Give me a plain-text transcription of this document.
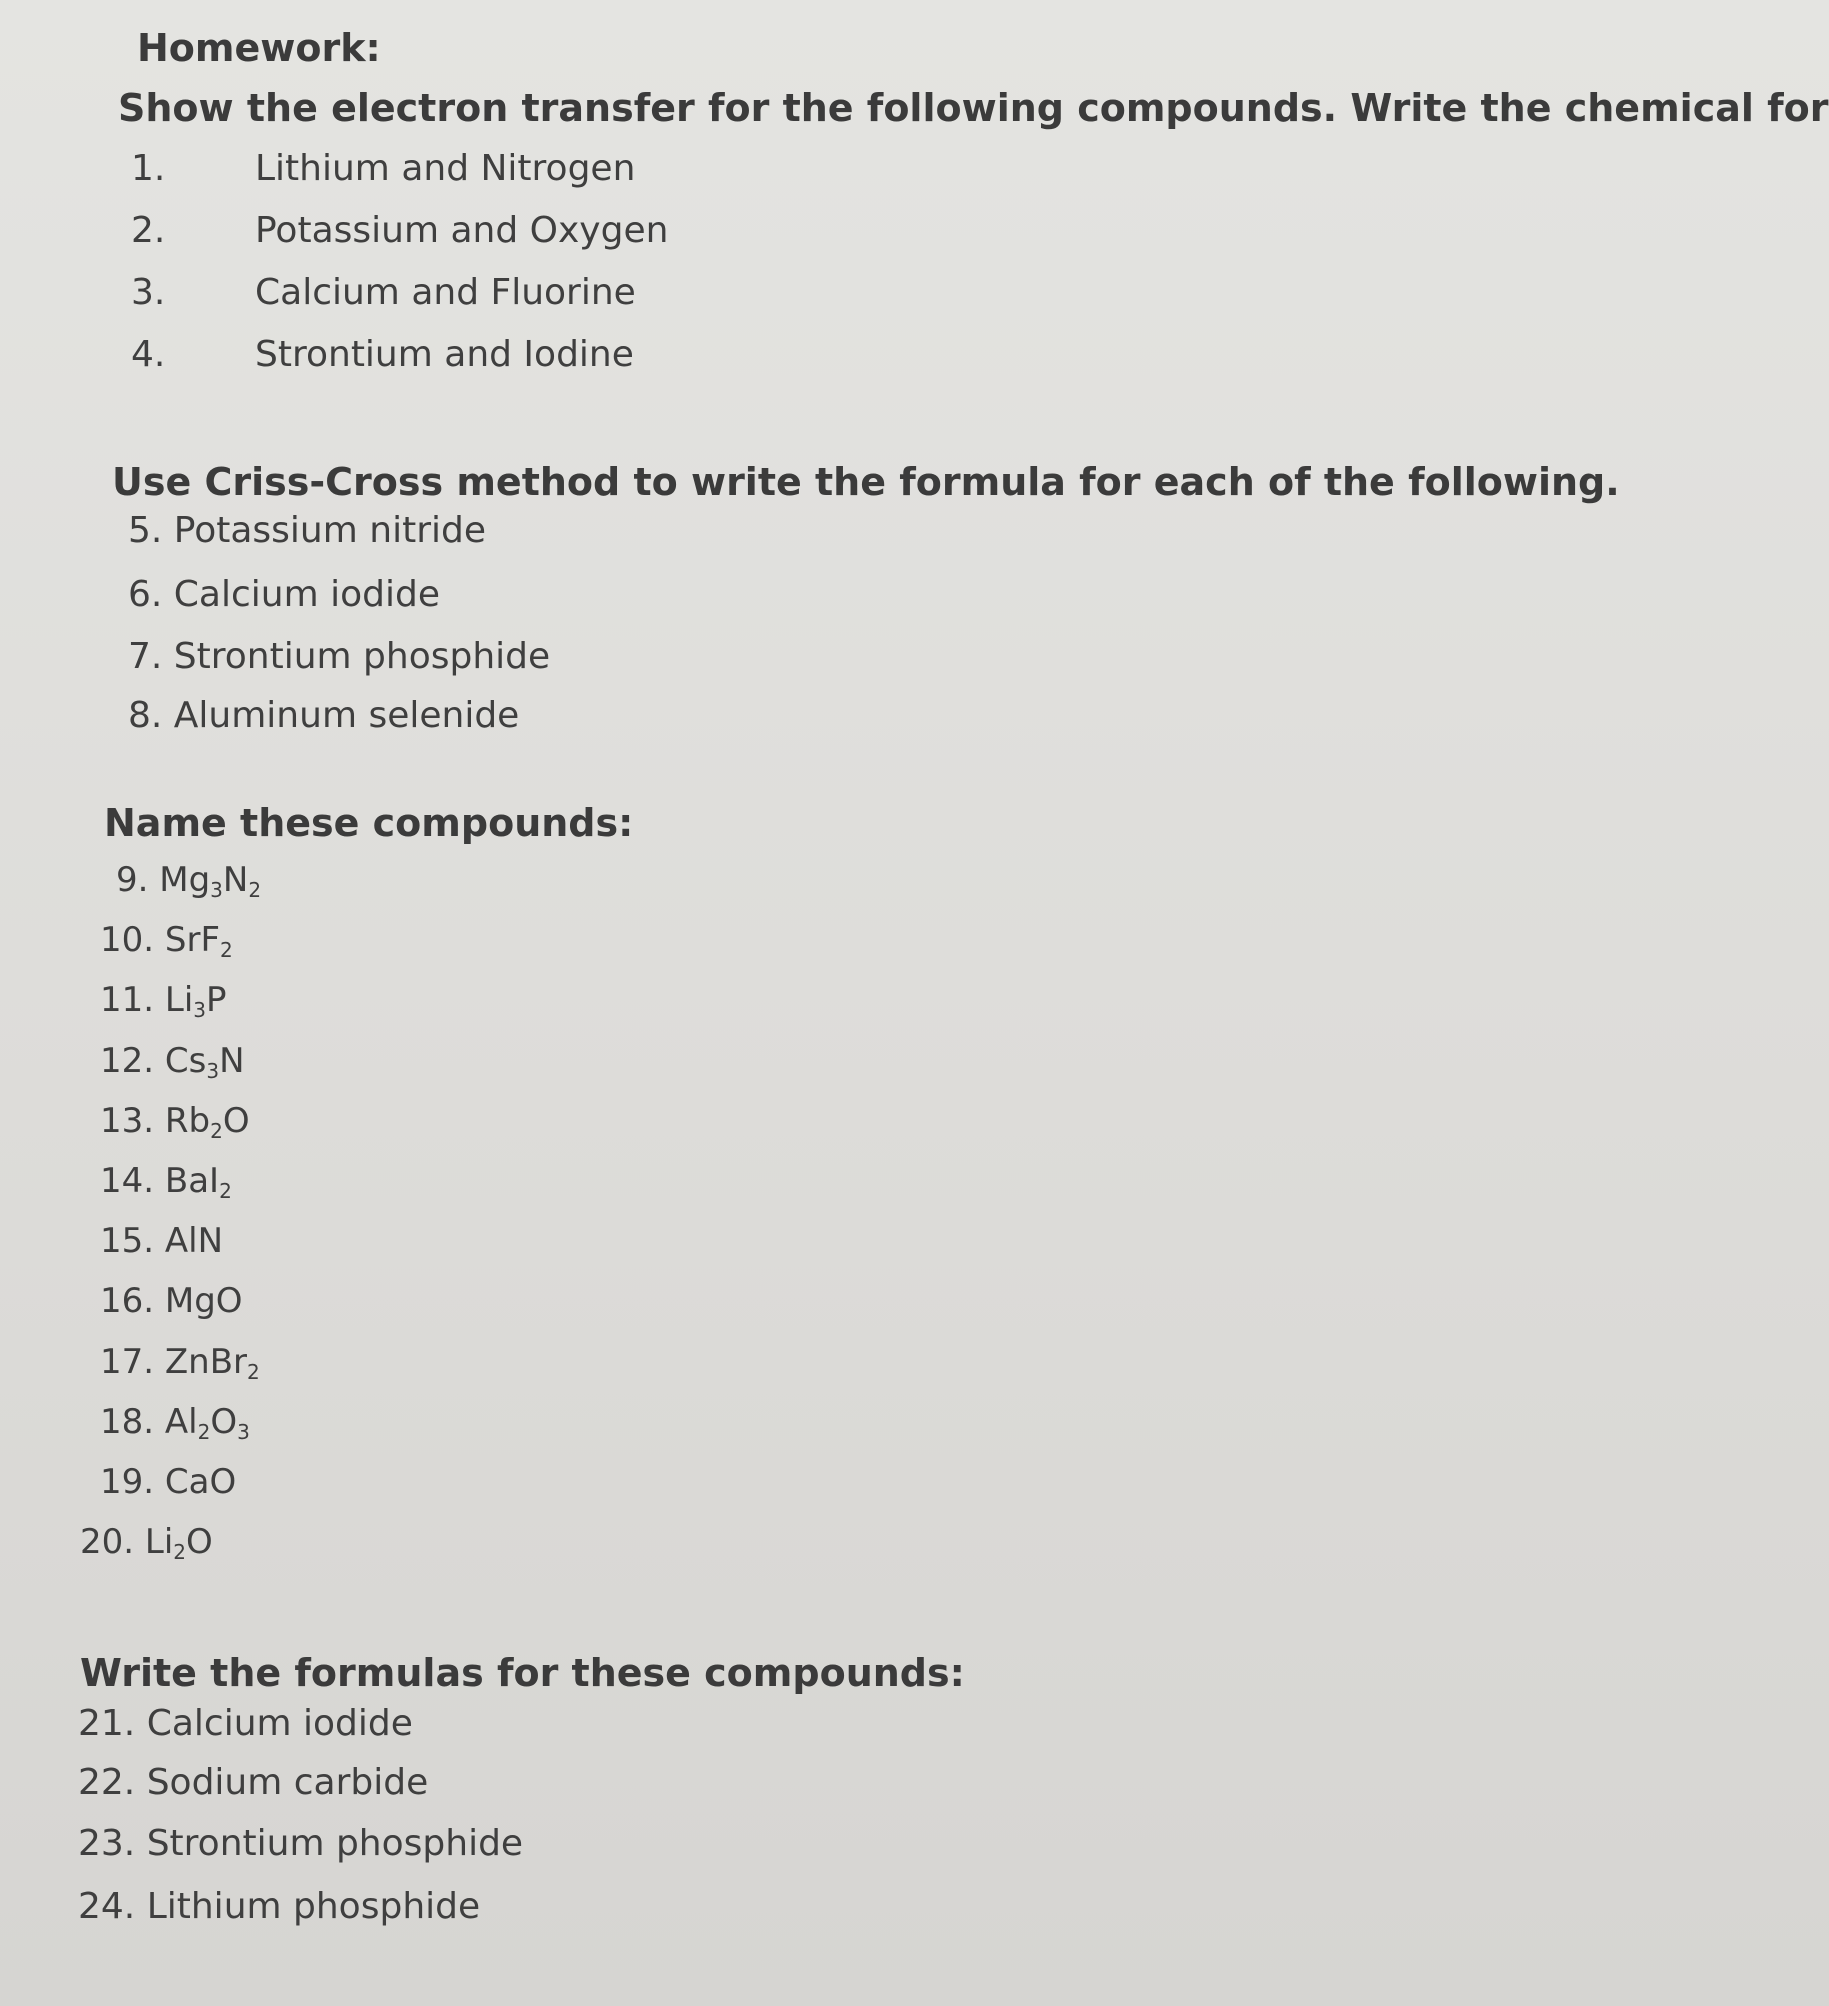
Homework:
Show the electron transfer for the following compounds. Write the chemical for
1. Lithium and Nitrogen
2. Potassium and Oxygen
3. Calcium and Fluorine
4. Strontium and Iodine
Use Criss-Cross method to write the formula for each of the following.
5. Potassium nitride
6. Calcium iodide
7. Strontium phosphide
8. Aluminum selenide
Name these compounds:
9. $Mg_3N_2$
10. SrF$_2$
11. $Li_3P$
12. $Cs_3N$
13. $Rb_2O$
14. BaI$_2$
15. AlN
16. MgO
17. ZnBr$_2$
18. $Al_2O_3$
19. CaO
20. $Li_2O$
Write the formulas for these compounds:
21. Calcium iodide
22. Sodium carbide
23. Strontium phosphide
24. Lithium phosphide
